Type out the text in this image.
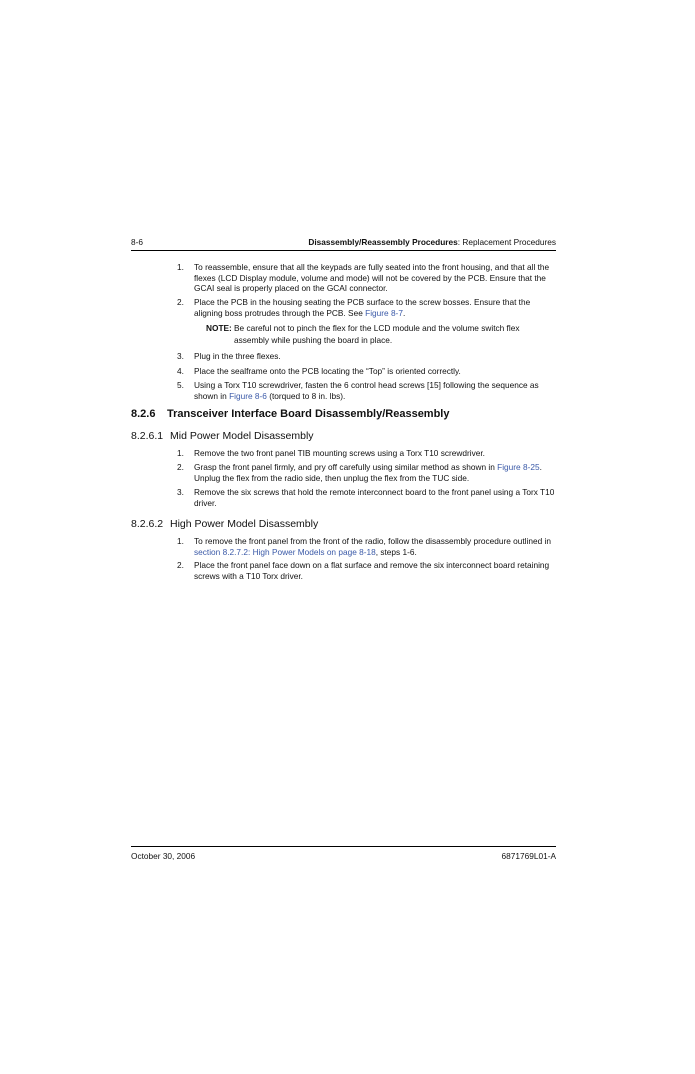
8-6	Disassembly/Reassembly Procedures: Replacement Procedures
1.	To reassemble, ensure that all the keypads are fully seated into the front housing, and that all the flexes (LCD Display module, volume and mode) will not be covered by the PCB. Ensure that the GCAI seal is properly placed on the GCAI connector.
2.	Place the PCB in the housing seating the PCB surface to the screw bosses. Ensure that the aligning boss protrudes through the PCB. See Figure 8-7.
NOTE: Be careful not to pinch the flex for the LCD module and the volume switch flex assembly while pushing the board in place.
3.	Plug in the three flexes.
4.	Place the sealframe onto the PCB locating the “Top” is oriented correctly.
5.	Using a Torx T10 screwdriver, fasten the 6 control head screws [15] following the sequence as shown in Figure 8-6 (torqued to 8 in. lbs).
8.2.6 Transceiver Interface Board Disassembly/Reassembly
8.2.6.1 Mid Power Model Disassembly
1.	Remove the two front panel TIB mounting screws using a Torx T10 screwdriver.
2.	Grasp the front panel firmly, and pry off carefully using similar method as shown in Figure 8-25. Unplug the flex from the radio side, then unplug the flex from the TUC side.
3.	Remove the six screws that hold the remote interconnect board to the front panel using a Torx T10 driver.
8.2.6.2 High Power Model Disassembly
1.	To remove the front panel from the front of the radio, follow the disassembly procedure outlined in section 8.2.7.2: High Power Models on page 8-18, steps 1-6.
2.	Place the front panel face down on a flat surface and remove the six interconnect board retaining screws with a T10 Torx driver.
October 30, 2006	6871769L01-A
